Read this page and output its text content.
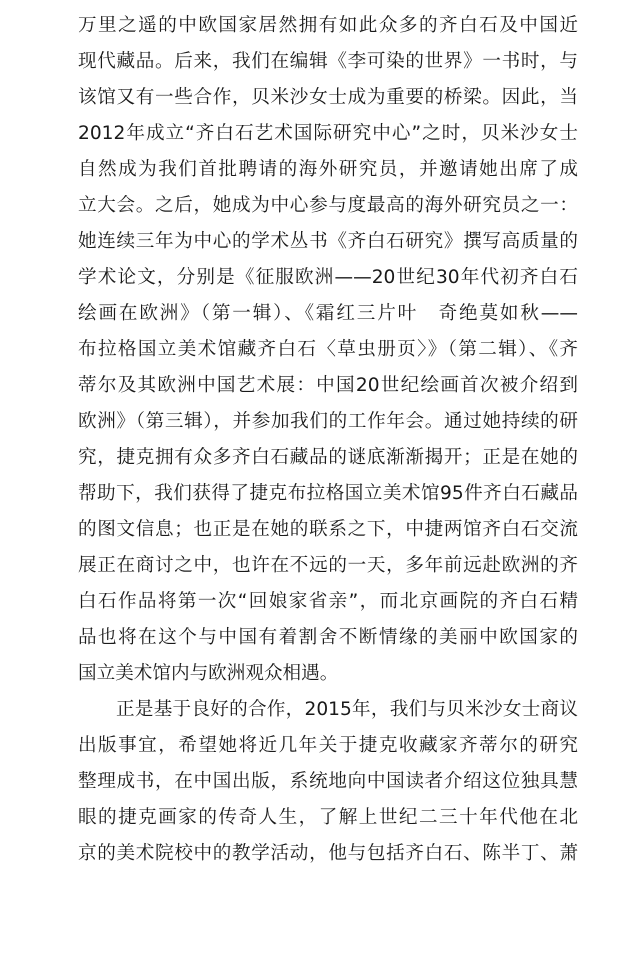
万里之遥的中欧国家居然拥有如此众多的齐白石及中国近
现代藏品。后来，我们在编辑《李可染的世界》一书时，与
该馆又有一些合作，贝米沙女士成为重要的桥梁。因此，当
2012年成立“齐白石艺术国际研究中心”之时，贝米沙女士
自然成为我们首批聘请的海外研究员，并邀请她出席了成
立大会。之后，她成为中心参与度最高的海外研究员之一：
她连续三年为中心的学术丛书《齐白石研究》撰写高质量的
学术论文，分别是《征服欧洲——20世纪30年代初齐白石
绘画在欧洲》（第一辑）、《霜红三片叶　奇绝莫如秋——
布拉格国立美术馆藏齐白石〈草虫册页〉》（第二辑）、《齐
蒂尔及其欧洲中国艺术展：中国20世纪绘画首次被介绍到
欧洲》（第三辑），并参加我们的工作年会。通过她持续的研
究，捷克拥有众多齐白石藏品的谜底渐渐揭开；正是在她的
帮助下，我们获得了捷克布拉格国立美术馆95件齐白石藏品
的图文信息；也正是在她的联系之下，中捷两馆齐白石交流
展正在商讨之中，也许在不远的一天，多年前远赴欧洲的齐
白石作品将第一次“回娘家省亲”，而北京画院的齐白石精
品也将在这个与中国有着割舍不断情缘的美丽中欧国家的
国立美术馆内与欧洲观众相遇。
正是基于良好的合作，2015年，我们与贝米沙女士商议
出版事宜，希望她将近几年关于捷克收藏家齐蒂尔的研究
整理成书，在中国出版，系统地向中国读者介绍这位独具慧
眼的捷克画家的传奇人生，了解上世纪二三十年代他在北
京的美术院校中的教学活动，他与包括齐白石、陈半丁、萧
